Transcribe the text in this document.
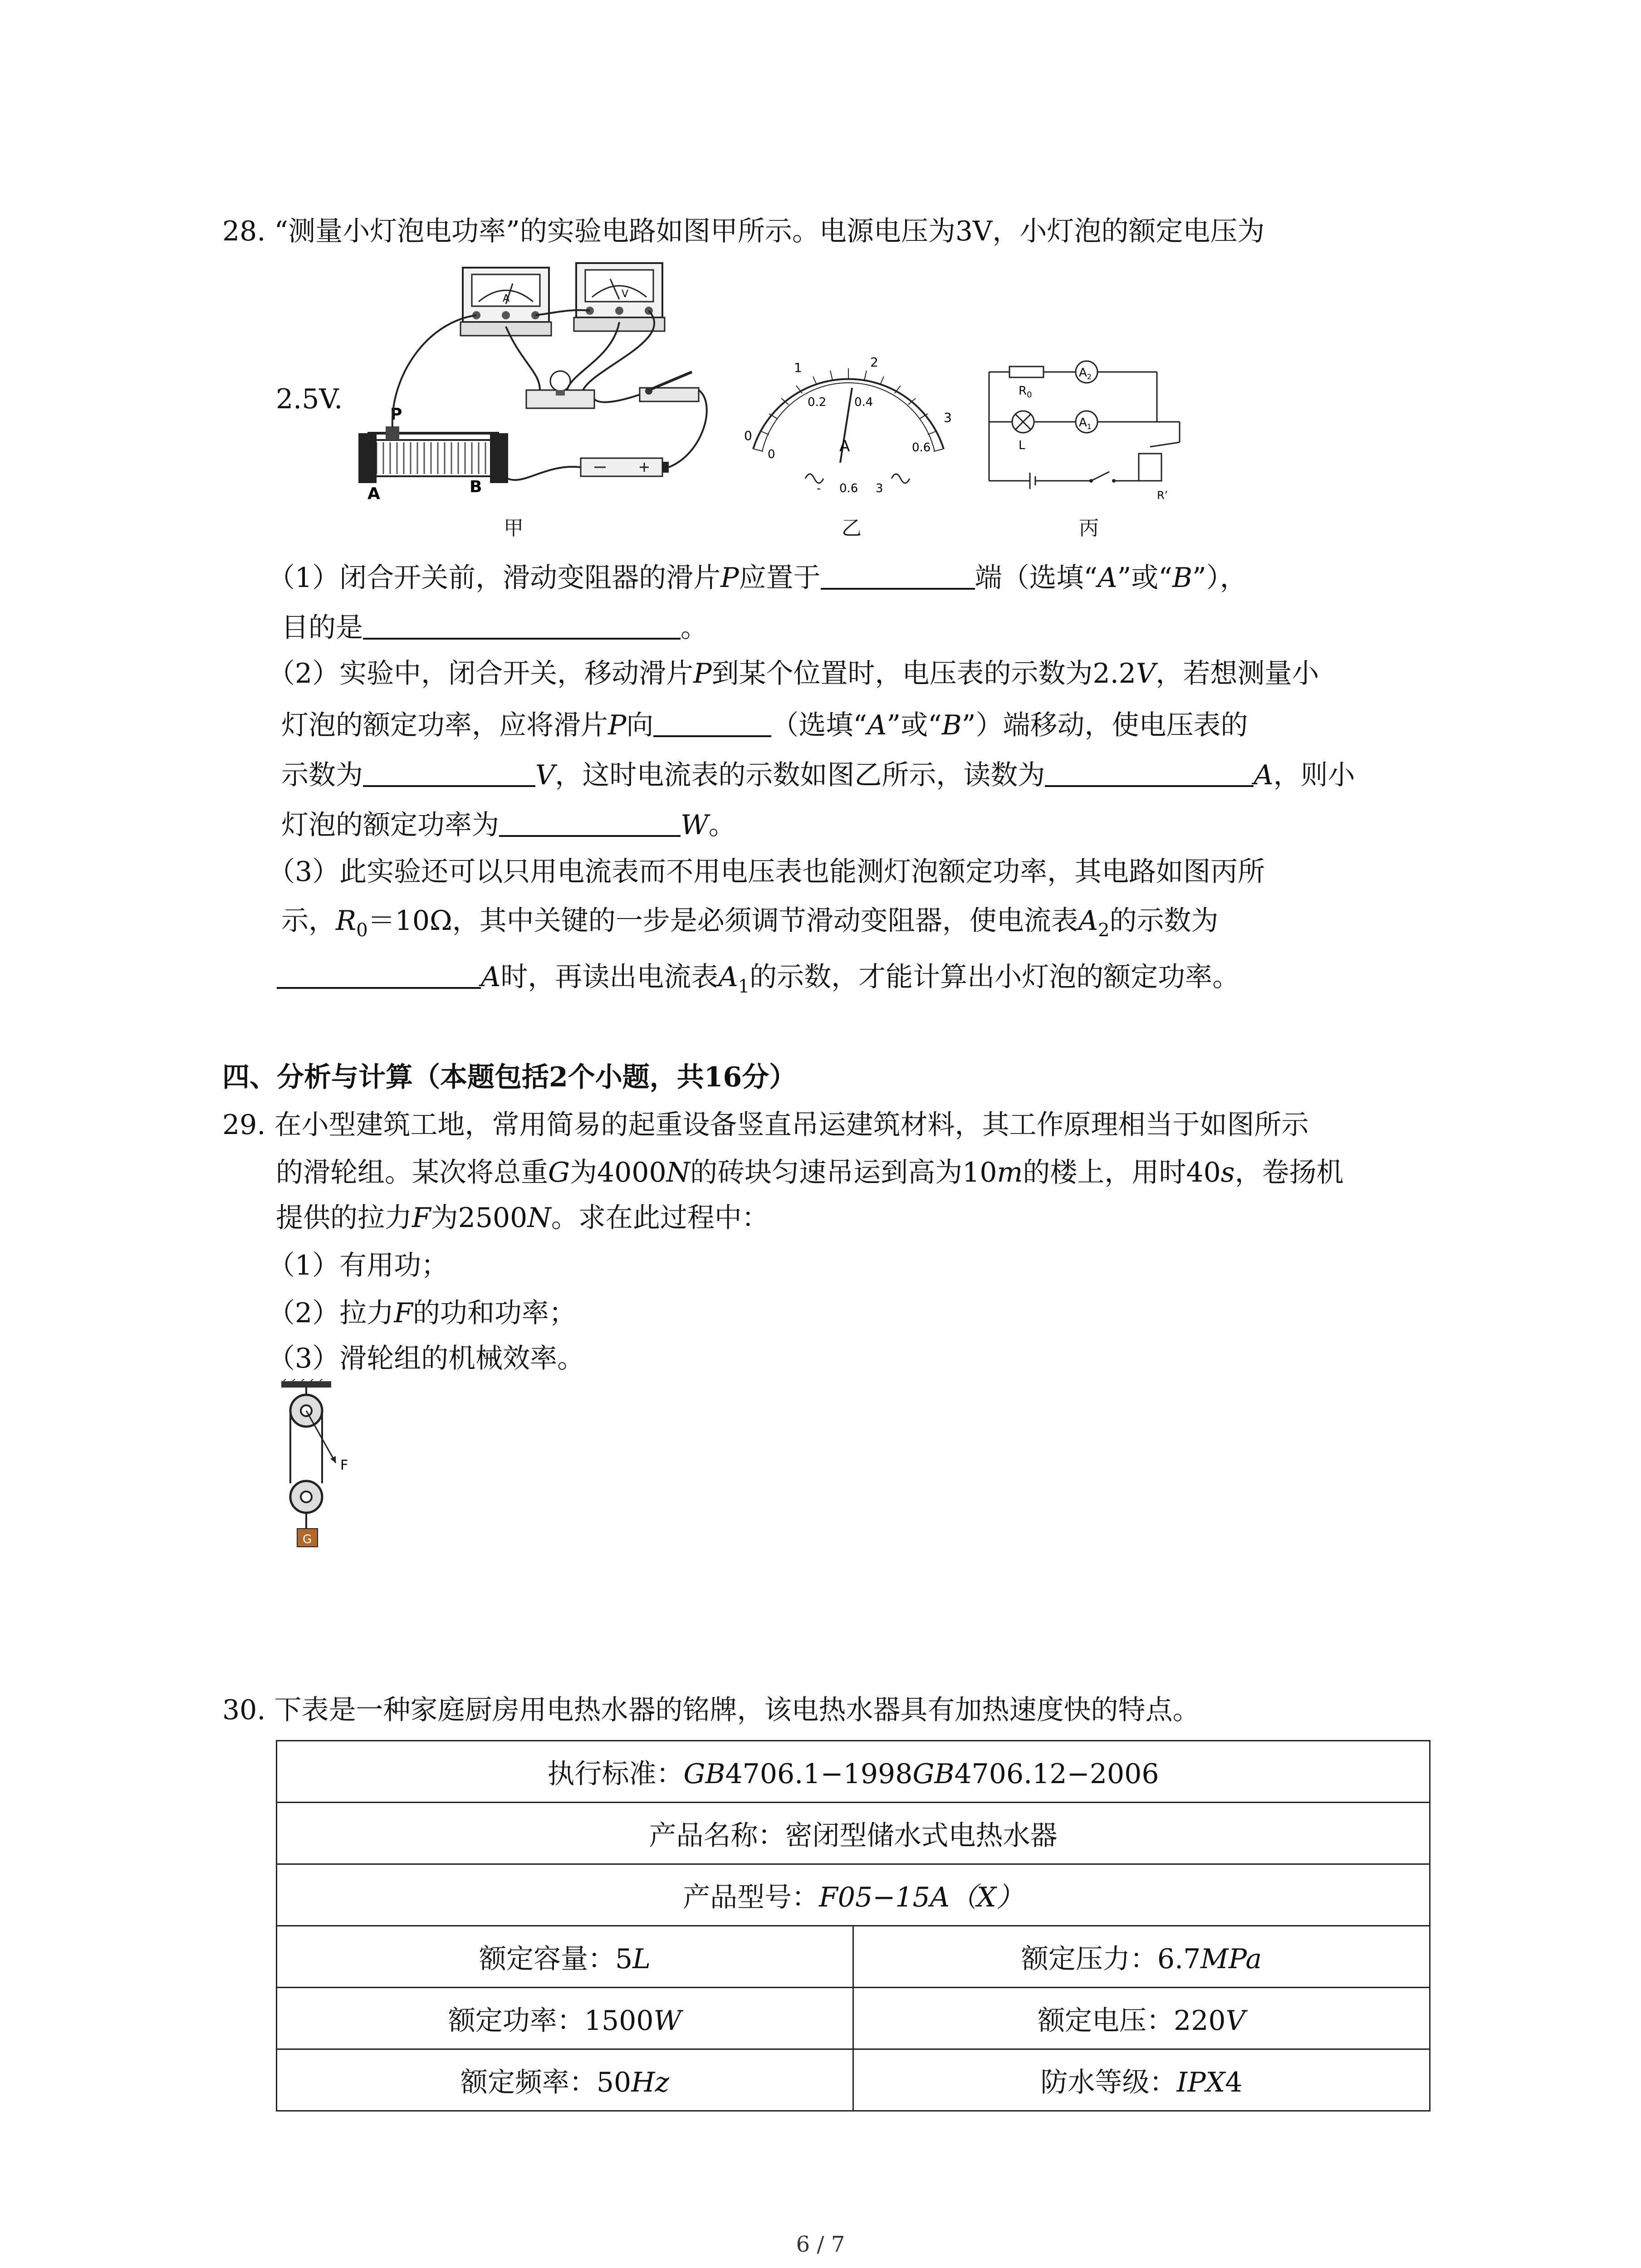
28. “测量小灯泡电功率”的实验电路如图甲所示。电源电压为3V，小灯泡的额定电压为
2.5V.
A	V
P
A	B
甲
0
1	2
3
0
0.2 0.4
0.6
A
- 0.6 3
乙
$R_0$
$A_2$
$A_1$
L
R’
丙
（1）闭合开关前，滑动变阻器的滑片P应置于	端（选填“A”或“B”），
目的是	。
（2）实验中，闭合开关，移动滑片P到某个位置时，电压表的示数为2.2V，若想测量小
灯泡的额定功率，应将滑片P向	（选填“A”或“B”）端移动，使电压表的
示数为	V，这时电流表的示数如图乙所示，读数为	A，则小
灯泡的额定功率为	W。
（3）此实验还可以只用电流表而不用电压表也能测灯泡额定功率，其电路如图丙所
示，$R_0=10\Omega$，其中关键的一步是必须调节滑动变阻器，使电流表$A_2$的示数为
A时，再读出电流表$A_1$的示数，才能计算出小灯泡的额定功率。
四、分析与计算（本题包括2个小题，共16分）
29. 在小型建筑工地，常用简易的起重设备竖直吊运建筑材料，其工作原理相当于如图所示
的滑轮组。某次将总重G为4000N的砖块匀速吊运到高为10m的楼上，用时40s，卷扬机
提供的拉力F为2500N。求在此过程中：
（1）有用功；
（2）拉力F的功和功率；
（3）滑轮组的机械效率。
F
G
30. 下表是一种家庭厨房用电热水器的铭牌，该电热水器具有加热速度快的特点。
执行标准：GB4706.1−1998GB4706.12−2006	
产品名称：密闭型储水式电热水器	
产品型号：F05−15A（X）	
额定容量：5L	额定压力：6.7MPa
额定功率：1500W	额定电压：220V
额定频率：50Hz	防水等级：IPX4
6 / 7
